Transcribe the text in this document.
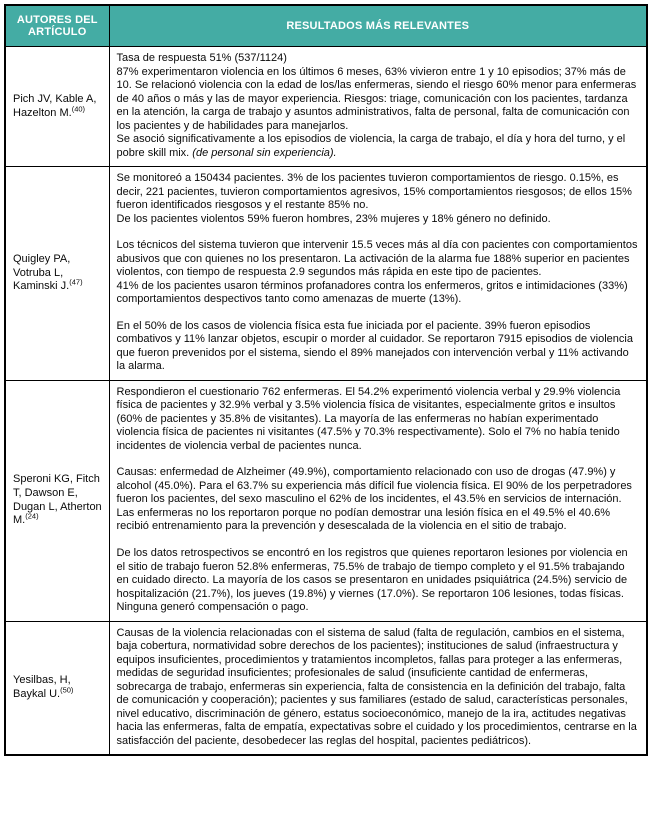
AUTORES DEL ARTÍCULO	RESULTADOS MÁS RELEVANTES
Pich JV, Kable A, Hazelton M.$^{(40)}$	Tasa de respuesta 51% (537/1124)
87% experimentaron violencia en los últimos 6 meses, 63% vivieron entre 1 y 10 episodios; 37% más de 10. Se relacionó violencia con la edad de los/las enfermeras, siendo el riesgo 60% menor para enfermeras de 40 años o más y las de mayor experiencia. Riesgos: triage, comunicación con los pacientes, tardanza en la atención, la carga de trabajo y asuntos administrativos, falta de personal, falta de comunicación con los pacientes y de habilidades para manejarlos.
Se asoció significativamente a los episodios de violencia, la carga de trabajo, el día y hora del turno, y el pobre skill mix. (de personal sin experiencia).

Quigley PA, Votruba L, Kaminski J.$^{(47)}$	Se monitoreó a 150434 pacientes. 3% de los pacientes tuvieron comportamientos de riesgo. 0.15%, es decir, 221 pacientes, tuvieron comportamientos agresivos, 15% comportamientos riesgosos; de ellos 15% fueron identificados riesgosos y el restante 85% no.
De los pacientes violentos 59% fueron hombres, 23% mujeres y 18% género no definido.
Los técnicos del sistema tuvieron que intervenir 15.5 veces más al día con pacientes con comportamientos abusivos que con quienes no los presentaron. La activación de la alarma fue 188% superior en pacientes violentos, con tiempo de respuesta 2.9 segundos más rápida en este tipo de pacientes.
41% de los pacientes usaron términos profanadores contra los enfermeros, gritos e intimidaciones (33%) comportamientos despectivos tanto como amenazas de muerte (13%).
En el 50% de los casos de violencia física esta fue iniciada por el paciente. 39% fueron episodios combativos y 11% lanzar objetos, escupir o morder al cuidador. Se reportaron 7915 episodios de violencia que fueron prevenidos por el sistema, siendo el 89% manejados con intervención verbal y 11% activando la alarma.

Speroni KG, Fitch T, Dawson E, Dugan L, Atherton M.$^{(24)}$	Respondieron el cuestionario 762 enfermeras. El 54.2% experimentó violencia verbal y 29.9% violencia física de pacientes y 32.9% verbal y 3.5% violencia física de visitantes, especialmente gritos e insultos (60% de pacientes y 35.8% de visitantes). La mayoría de las enfermeras no habían experimentado violencia física de pacientes ni visitantes (47.5% y 70.3% respectivamente). Solo el 7% no había tenido incidentes de violencia verbal de pacientes nunca.
Causas: enfermedad de Alzheimer (49.9%), comportamiento relacionado con uso de drogas (47.9%) y alcohol (45.0%). Para el 63.7% su experiencia más difícil fue violencia física. El 90% de los perpetradores fueron los pacientes, del sexo masculino el 62% de los incidentes, el 43.5% en servicios de internación. Las enfermeras no los reportaron porque no podían demostrar una lesión física en el 49.5% el 40.6% recibió entrenamiento para la prevención y desescalada de la violencia en el sitio de trabajo.
De los datos retrospectivos se encontró en los registros que quienes reportaron lesiones por violencia en el sitio de trabajo fueron 52.8% enfermeras, 75.5% de trabajo de tiempo completo y el 91.5% trabajando en cuidado directo. La mayoría de los casos se presentaron en unidades psiquiátrica (24.5%) servicio de hospitalización (21.7%), los jueves (19.8%) y viernes (17.0%). Se reportaron 106 lesiones, todas físicas. Ninguna generó compensación o pago.

Yesilbas, H, Baykal U.$^{(50)}$	Causas de la violencia relacionadas con el sistema de salud (falta de regulación, cambios en el sistema, baja cobertura, normatividad sobre derechos de los pacientes); instituciones de salud (infraestructura y equipos insuficientes, procedimientos y tratamientos incompletos, fallas para proteger a las enfermeras, medidas de seguridad insuficientes; profesionales de salud (insuficiente cantidad de enfermeras, sobrecarga de trabajo, enfermeras sin experiencia, falta de consistencia en la definición del trabajo, falta de comunicación y cooperación); pacientes y sus familiares (estado de salud, características personales, nivel educativo, discriminación de género, estatus socioeconómico, manejo de la ira, actitudes negativas hacia las enfermeras, falta de empatía, expectativas sobre el cuidado y los procedimientos, centrarse en la satisfacción del paciente, desobedecer las reglas del hospital, pacientes pediátricos).
